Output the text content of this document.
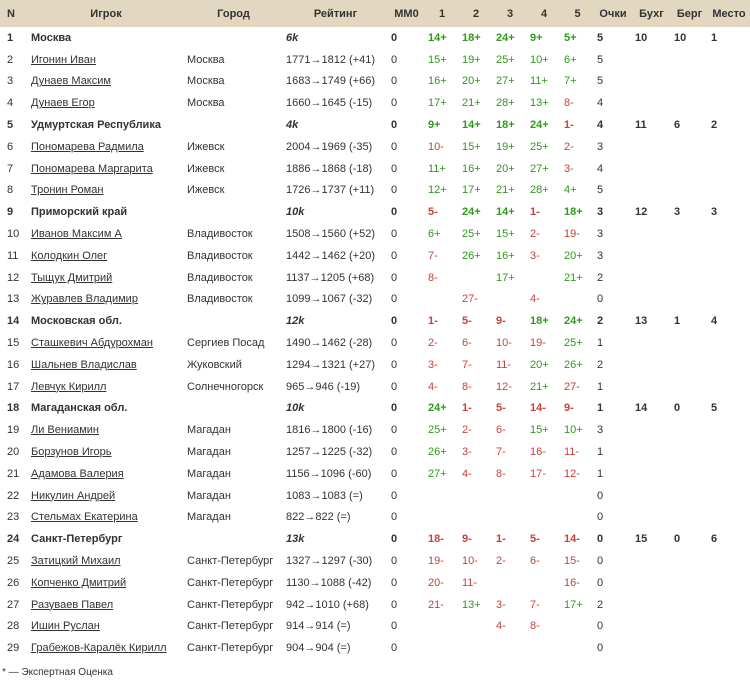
N	Игрок	Город	Рейтинг	ММ0	1	2	3	4	5	Очки	Бухг	Берг	Место
1	Москва		6k	0	14+	18+	24+	9+	5+	5	10	10	1
2	Игонин Иван	Москва	1771→1812 (+41)	0	15+	19+	25+	10+	6+	5			
3	Дунаев Максим	Москва	1683→1749 (+66)	0	16+	20+	27+	11+	7+	5			
4	Дунаев Егор	Москва	1660→1645 (-15)	0	17+	21+	28+	13+	8-	4			
5	Удмуртская Республика		4k	0	9+	14+	18+	24+	1-	4	11	6	2
6	Пономарева Радмила	Ижевск	2004→1969 (-35)	0	10-	15+	19+	25+	2-	3			
7	Пономарева Маргарита	Ижевск	1886→1868 (-18)	0	11+	16+	20+	27+	3-	4			
8	Тронин Роман	Ижевск	1726→1737 (+11)	0	12+	17+	21+	28+	4+	5			
9	Приморский край		10k	0	5-	24+	14+	1-	18+	3	12	3	3
10	Иванов Максим А	Владивосток	1508→1560 (+52)	0	6+	25+	15+	2-	19-	3			
11	Колодкин Олег	Владивосток	1442→1462 (+20)	0	7-	26+	16+	3-	20+	3			
12	Тыщук Дмитрий	Владивосток	1137→1205 (+68)	0	8-		17+		21+	2			
13	Журавлев Владимир	Владивосток	1099→1067 (-32)	0		27-		4-		0			
14	Московская обл.		12k	0	1-	5-	9-	18+	24+	2	13	1	4
15	Сташкевич Абдурохман	Сергиев Посад	1490→1462 (-28)	0	2-	6-	10-	19-	25+	1			
16	Шальнев Владислав	Жуковский	1294→1321 (+27)	0	3-	7-	11-	20+	26+	2			
17	Левчук Кирилл	Солнечногорск	965→946 (-19)	0	4-	8-	12-	21+	27-	1			
18	Магаданская обл.		10k	0	24+	1-	5-	14-	9-	1	14	0	5
19	Ли Вениамин	Магадан	1816→1800 (-16)	0	25+	2-	6-	15+	10+	3			
20	Борзунов Игорь	Магадан	1257→1225 (-32)	0	26+	3-	7-	16-	11-	1			
21	Адамова Валерия	Магадан	1156→1096 (-60)	0	27+	4-	8-	17-	12-	1			
22	Никулин Андрей	Магадан	1083→1083 (=)	0						0			
23	Стельмах Екатерина	Магадан	822→822 (=)	0						0			
24	Санкт-Петербург		13k	0	18-	9-	1-	5-	14-	0	15	0	6
25	Затицкий Михаил	Санкт-Петербург	1327→1297 (-30)	0	19-	10-	2-	6-	15-	0			
26	Копченко Дмитрий	Санкт-Петербург	1130→1088 (-42)	0	20-	11-			16-	0			
27	Разуваев Павел	Санкт-Петербург	942→1010 (+68)	0	21-	13+	3-	7-	17+	2			
28	Ишин Руслан	Санкт-Петербург	914→914 (=)	0			4-	8-		0			
29	Грабежов-Каралёк Кирилл	Санкт-Петербург	904→904 (=)	0						0			
* — Экспертная Оценка
